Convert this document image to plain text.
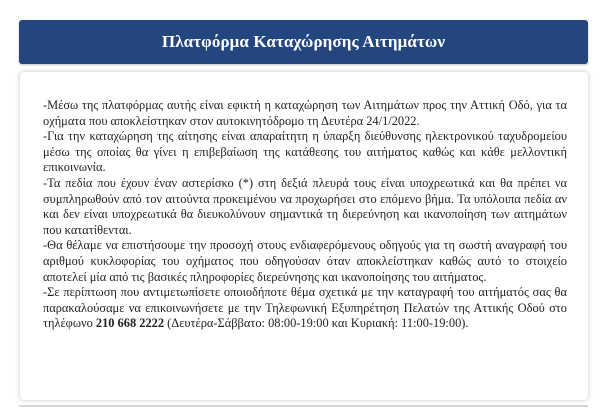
Πλατφόρμα Καταχώρησης Αιτημάτων

-Μέσω της πλατφόρμας αυτής είναι εφικτή η καταχώρηση των Αιτημάτων προς την Αττική Οδό, για τα οχήματα που αποκλείστηκαν στον αυτοκινητόδρομο τη Δευτέρα 24/1/2022.

-Για την καταχώρηση της αίτησης είναι απαραίτητη η ύπαρξη διεύθυνσης ηλεκτρονικού ταχυδρομείου μέσω της οποίας θα γίνει η επιβεβαίωση της κατάθεσης του αιτήματος καθώς και κάθε μελλοντική επικοινωνία.

-Τα πεδία που έχουν έναν αστερίσκο (*) στη δεξιά πλευρά τους είναι υποχρεωτικά και θα πρέπει να συμπληρωθούν από τον αιτούντα προκειμένου να προχωρήσει στο επόμενο βήμα. Τα υπόλοιπα πεδία αν και δεν είναι υποχρεωτικά θα διευκολύνουν σημαντικά τη διερεύνηση και ικανοποίηση των αιτημάτων που κατατίθενται.

-Θα θέλαμε να επιστήσουμε την προσοχή στους ενδιαφερόμενους οδηγούς για τη σωστή αναγραφή του αριθμού κυκλοφορίας του οχήματος που οδηγούσαν όταν αποκλείστηκαν καθώς αυτό το στοιχείο αποτελεί μία από τις βασικές πληροφορίες διερεύνησης και ικανοποίησης του αιτήματος.

-Σε περίπτωση που αντιμετωπίσετε οποιοδήποτε θέμα σχετικά με την καταγραφή του αιτήματός σας θα παρακαλούσαμε να επικοινωνήσετε με την Τηλεφωνική Εξυπηρέτηση Πελατών της Αττικής Οδού στο τηλέφωνο 210 668 2222 (Δευτέρα-Σάββατο: 08:00-19:00 και Κυριακή: 11:00-19:00).
